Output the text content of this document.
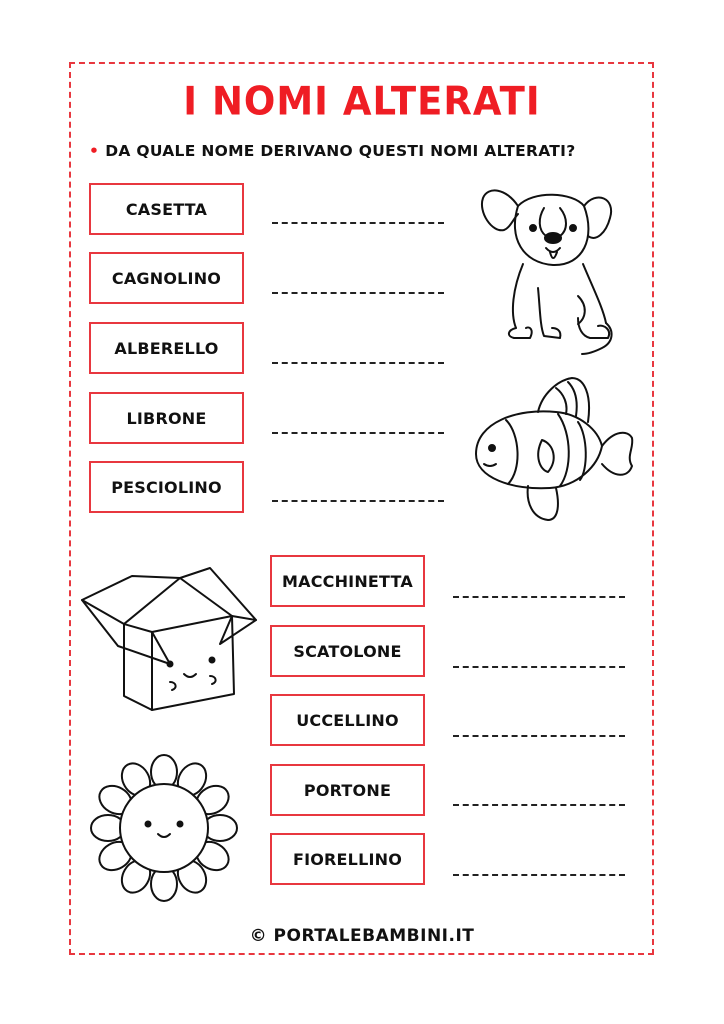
I NOMI ALTERATI
• DA QUALE NOME DERIVANO QUESTI NOMI ALTERATI?
CASETTA
CAGNOLINO
ALBERELLO
LIBRONE
PESCIOLINO
MACCHINETTA
SCATOLONE
UCCELLINO
PORTONE
FIORELLINO
© PORTALEBAMBINI.IT
